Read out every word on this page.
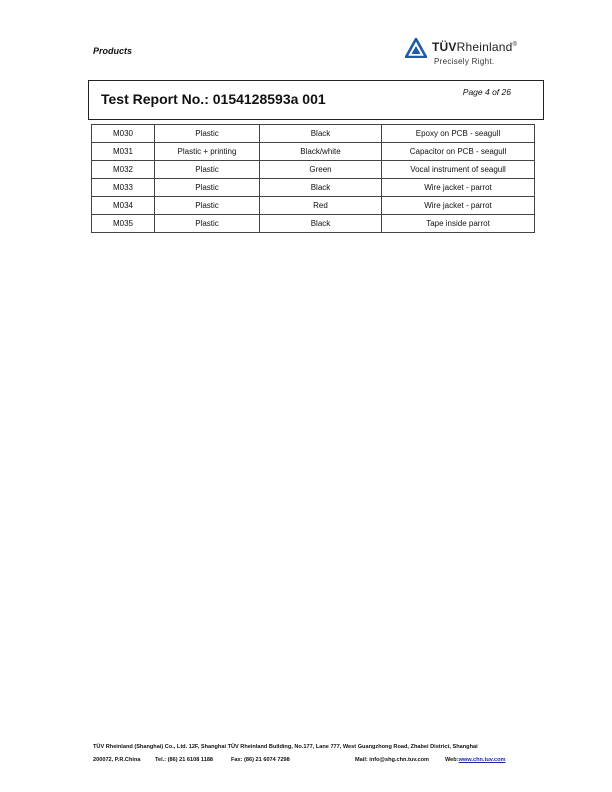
Products	TÜVRheinland®
Precisely Right.
Test Report No.: 0154128593a 001	Page 4 of 26
M030	Plastic	Black	Epoxy on PCB - seagull
M031	Plastic + printing	Black/white	Capacitor on PCB - seagull
M032	Plastic	Green	Vocal instrument of seagull
M033	Plastic	Black	Wire jacket - parrot
M034	Plastic	Red	Wire jacket - parrot
M035	Plastic	Black	Tape inside parrot
TÜV Rheinland (Shanghai) Co., Ltd. 12F, Shanghai TÜV Rheinland Building, No.177, Lane 777, West Guangzhong Road, Zhabei District, Shanghai
200072, P.R.China	Tel.: (86) 21 6108 1188	Fax: (86) 21 6074 7298	Mail: info@shg.chn.tuv.com	Web:www.chn.tuv.com
